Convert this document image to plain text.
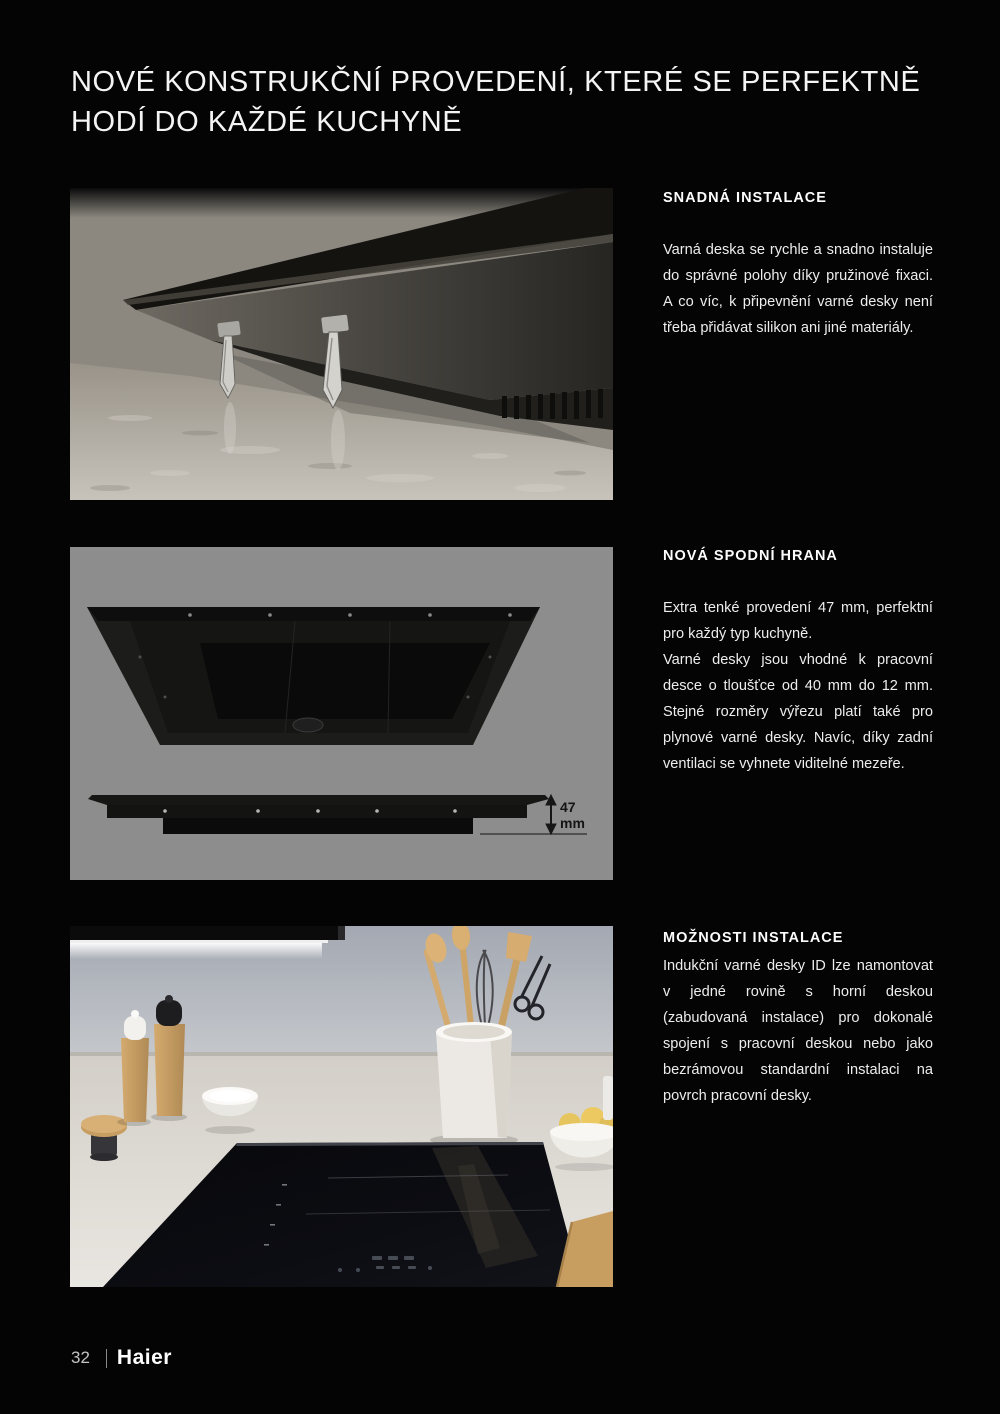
NOVÉ KONSTRUKČNÍ PROVEDENÍ, KTERÉ SE PERFEKTNĚ
HODÍ DO KAŽDÉ KUCHYNĚ
SNADNÁ INSTALACE

Varná deska se rychle a snadno instaluje do správné polohy díky pružinové fixaci. A co víc, k připevnění varné desky není třeba přidávat silikon ani jiné materiály.

47
mm
NOVÁ SPODNÍ HRANA

Extra tenké provedení 47 mm, perfektní pro každý typ kuchyně.

Varné desky jsou vhodné k pracovní desce o tloušťce od 40 mm do 12 mm. Stejné rozměry výřezu platí také pro plynové varné desky. Navíc, díky zadní ventilaci se vyhnete viditelné mezeře.

MOŽNOSTI INSTALACE

Indukční varné desky ID lze namontovat v jedné rovině s horní deskou (zabudovaná instalace) pro dokonalé spojení s pracovní deskou nebo jako bezrámovou standardní instalaci na povrch pracovní desky.

32 Haier
